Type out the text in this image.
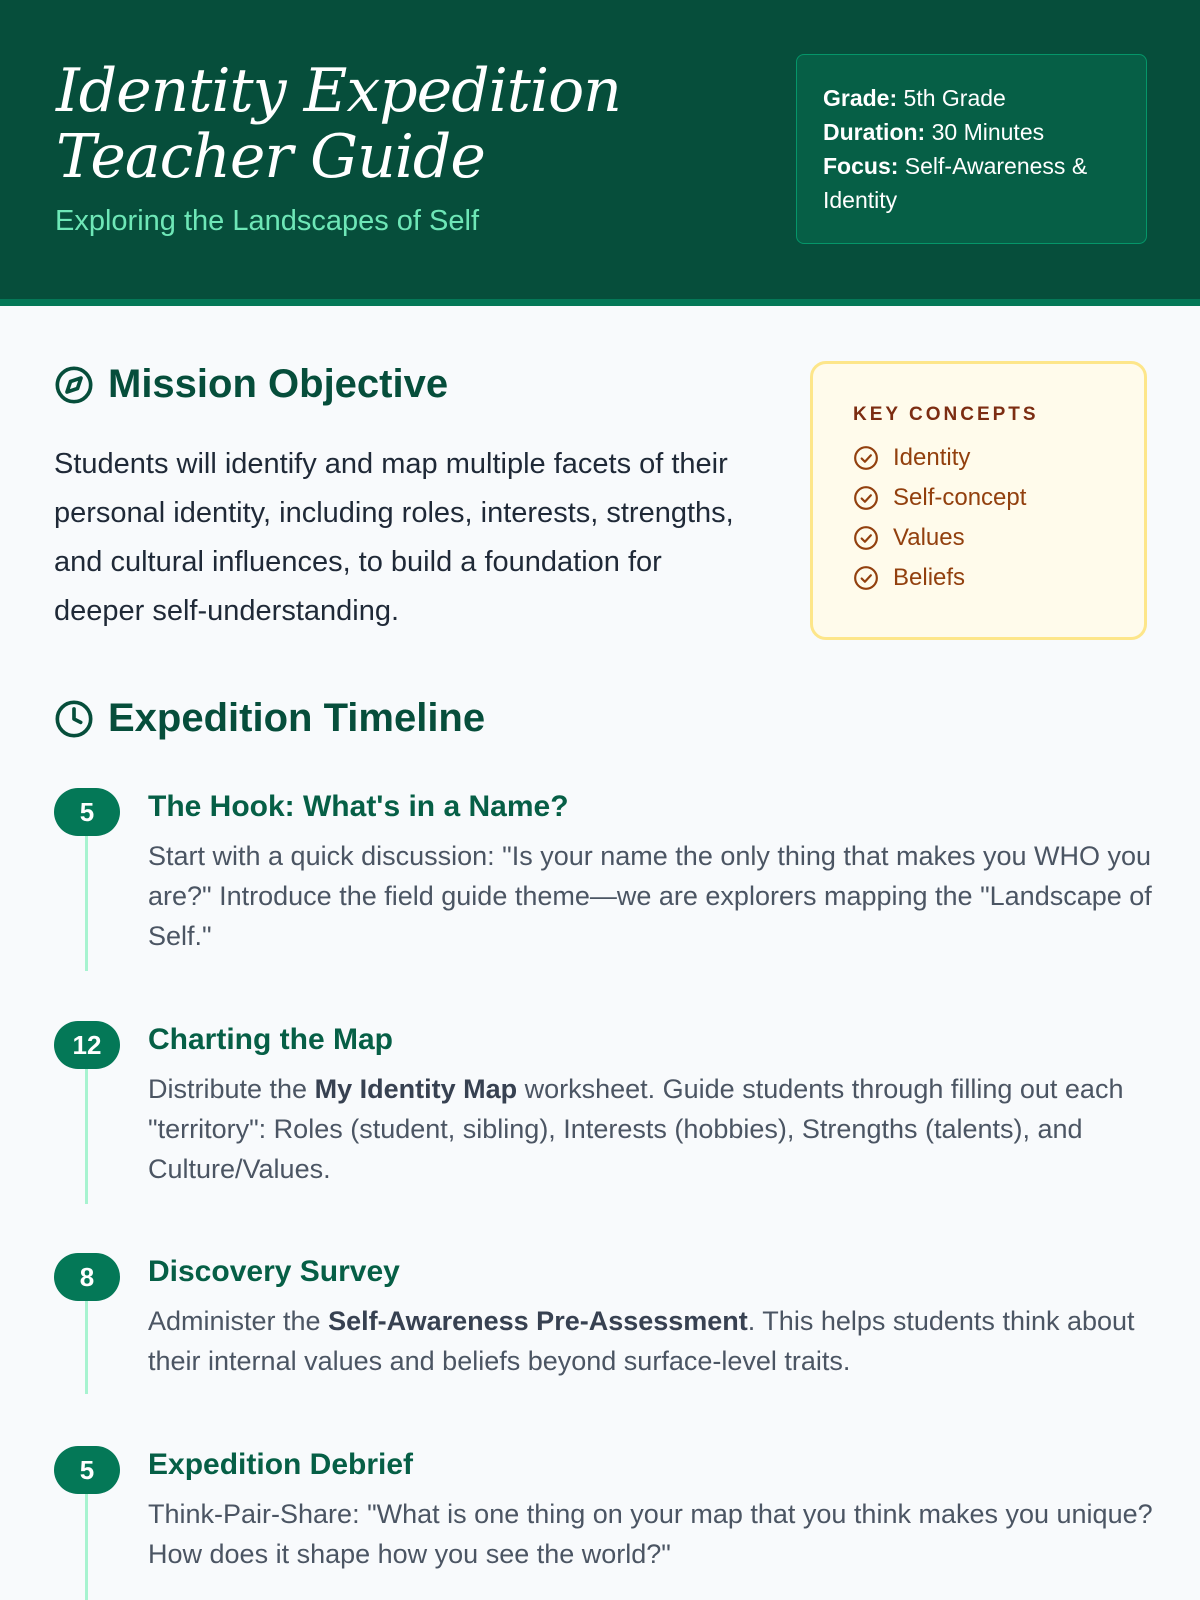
Identity Expedition
Teacher Guide
Exploring the Landscapes of Self
Grade: 5th Grade
Duration: 30 Minutes
Focus: Self-Awareness & Identity
Mission Objective
Students will identify and map multiple facets of their personal identity, including roles, interests, strengths, and cultural influences, to build a foundation for deeper self-understanding.
KEY CONCEPTS
Identity
Self-concept
Values
Beliefs
Expedition Timeline
5	The Hook: What's in a Name?
Start with a quick discussion: "Is your name the only thing that makes you WHO you are?" Introduce the field guide theme—we are explorers mapping the "Landscape of Self."
12	Charting the Map
Distribute the My Identity Map worksheet. Guide students through filling out each "territory": Roles (student, sibling), Interests (hobbies), Strengths (talents), and Culture/Values.
8	Discovery Survey
Administer the Self-Awareness Pre-Assessment. This helps students think about their internal values and beliefs beyond surface-level traits.
5	Expedition Debrief
Think-Pair-Share: "What is one thing on your map that you think makes you unique? How does it shape how you see the world?"
